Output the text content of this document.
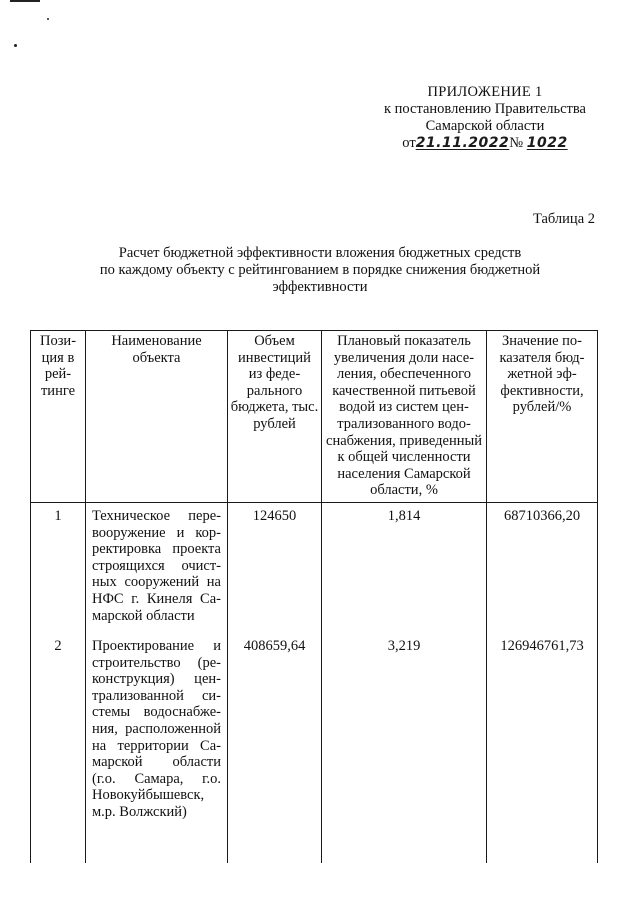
ПРИЛОЖЕНИЕ 1
к постановлению Правительства
Самарской области
от21.11.2022№ 1022
Таблица 2
Расчет бюджетной эффективности вложения бюджетных средств
по каждому объекту с рейтингованием в порядке снижения бюджетной
эффективности
Позиция в рейтинге	Наименование объекта	Объем инвестиций из федерального бюджета, тыс. рублей	Плановый показатель увеличения доли населения, обеспеченного качественной питьевой водой из систем централизованного водоснабжения, приведенный к общей численности населения Самарской области, %	Значение показателя бюджетной эффективности, рублей/%
1	Техническое перевооружение и корректировка проекта строящихся очистных сооружений на НФС г. Кинеля Самарской области	124650	1,814	68710366,20
2	Проектирование и строительство (реконструкция) централизованной системы водоснабжения, расположенной на территории Самарской области (г.о. Самара, г.о. Новокуйбышевск, м.р. Волжский)	408659,64	3,219	126946761,73
